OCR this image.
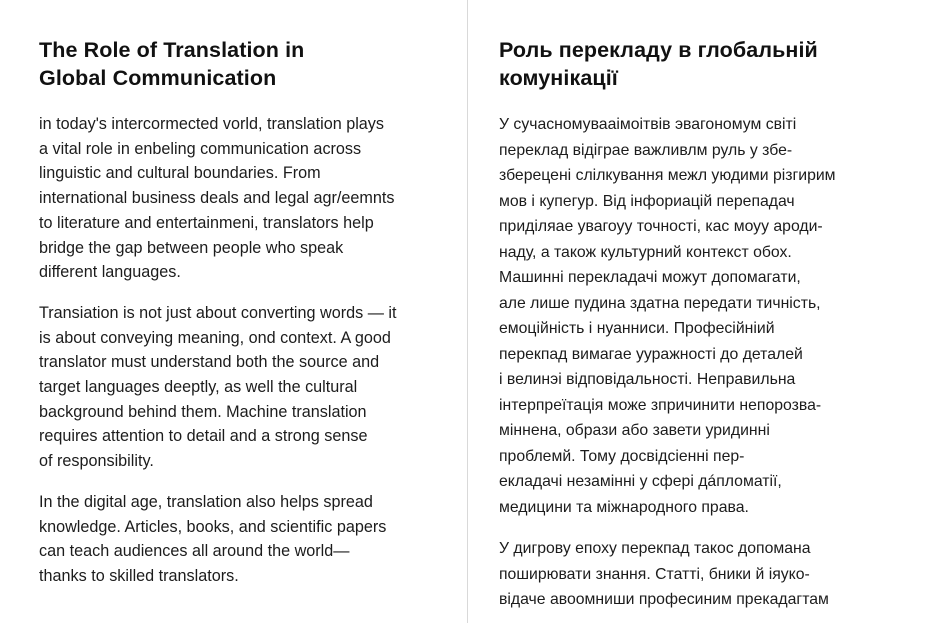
The Role of Translation in
Global Communication

in today's intercormected vorld, translation plays
a vital role in enbeling communication across
linguistic and cultural boundaries. From
international business deals and legal agr/eemnts
to literature and entertainmeni, translators help
bridge the gap between people who speak
different languages.

Transiation is not just about converting words — it
is about conveying meaning, ond context. A good
translator must understand both the source and
target languages deeptly, as well the cultural
background behind them. Machine translation
requires attention to detail and a strong sense
of responsibility.

In the digital age, translation also helps spread
knowledge. Articles, books, and scientific papers
can teach audiences all around the world—
thanks to skilled translators.

Роль перекладу в глобальній
комунікації

У сучасномувааімоітвів эвагономум світі
переклад відіграе важливлм руль у збе-
зберецені слілкування межл уюдими різгирим
мов і купегур. Від інфориацій перепадач
приділяае увагоуу точності, кас моуу ароди-
наду, а також культурний контекст обох.
Машинні перекладачі можут допомагати,
але лише пудина здатна передати тичність,
емоційність і нуанниси. Професійніий
перекпад вимагае ууражності до деталей
і велинэі відповідальності. Неправильна
інтерпреїтація може зпричинити непорозва-
міннена, образи або завети уридинні
проблемй. Тому досвідсіенні пер-
екладачі незамінні у сфері дáпломатії,
медицини та міжнародного права.

У дигрову епоху перекпад такос допомана
поширювати знання. Статті, бники й іяуко-
відаче авоомниши професиним прекадагтам
